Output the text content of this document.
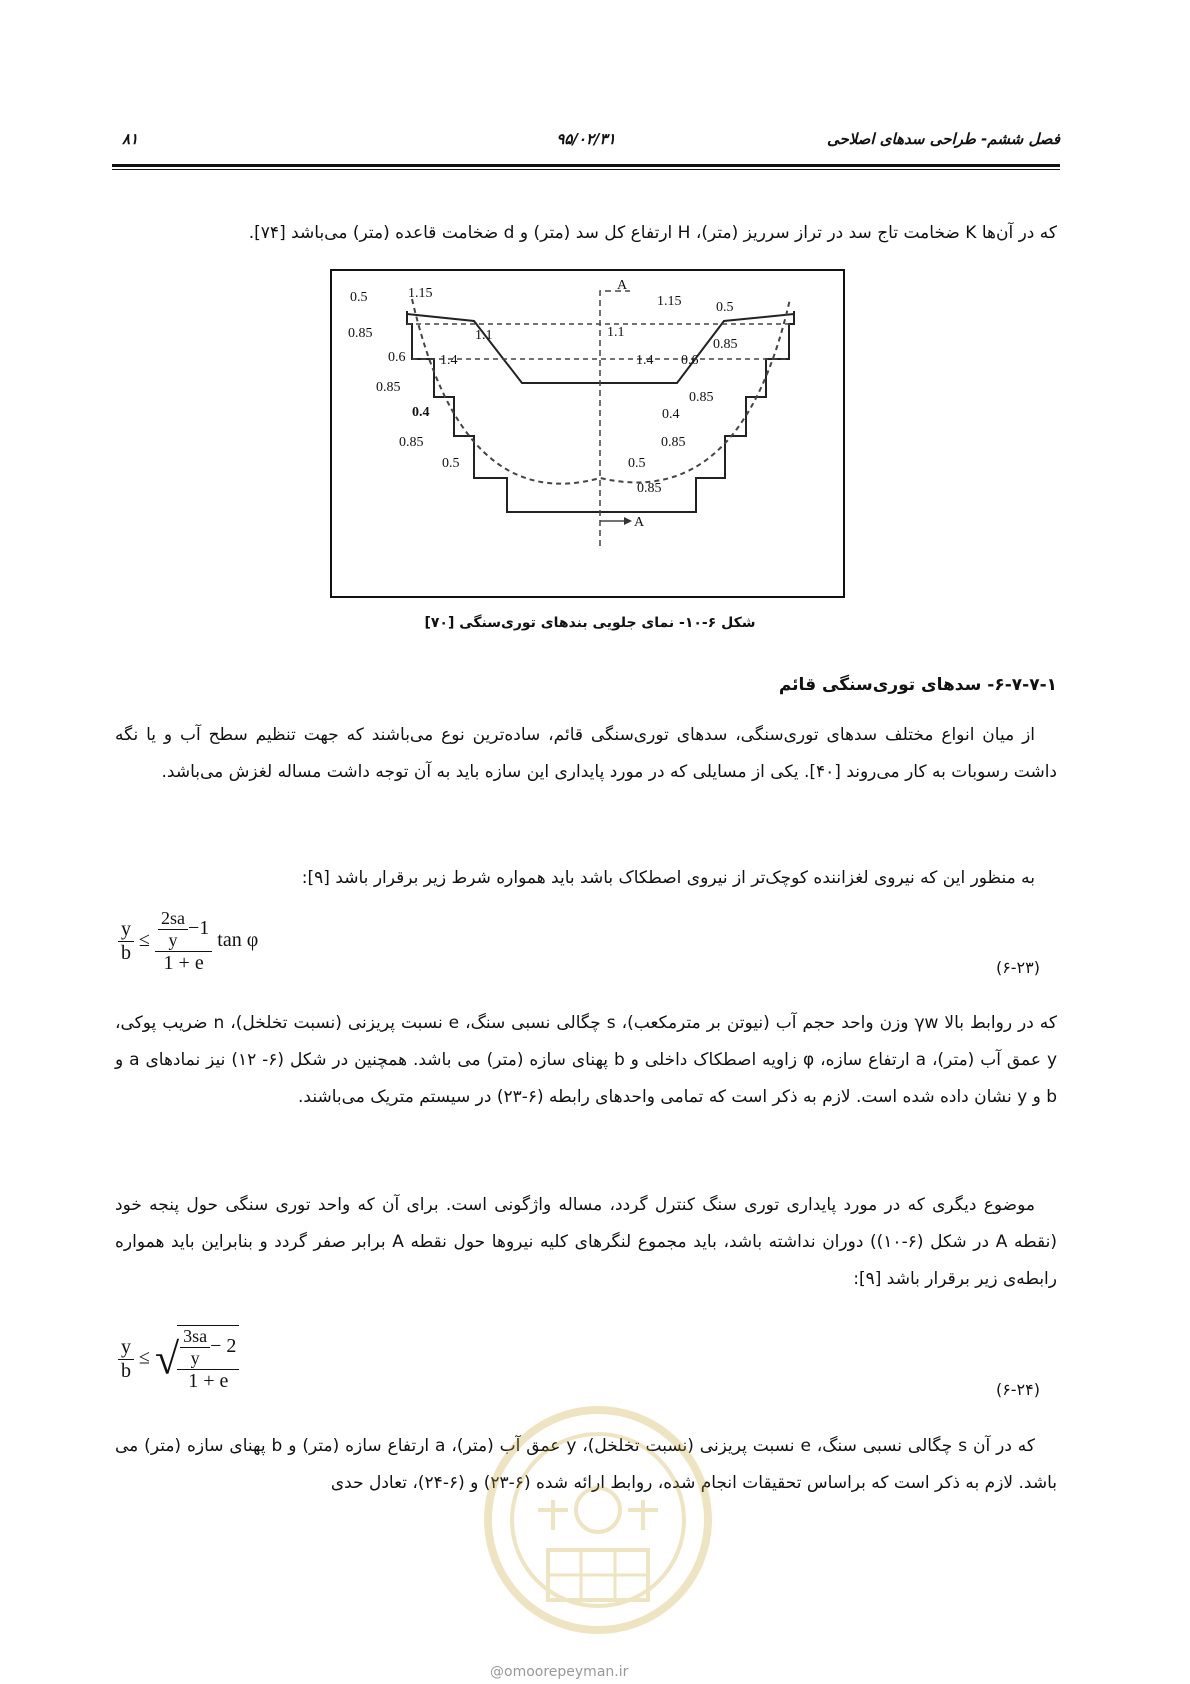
فصل ششم- طراحی سدهای اصلاحی
۹۵/۰۲/۳۱
۸۱
که در آن‌ها K ضخامت تاج سد در تراز سرریز (متر)، H ارتفاع کل سد (متر) و d ضخامت قاعده (متر) می‌باشد [۷۴].
0.5	1.15
0.85	1.1
0.6 1.4
0.85
0.4
0.85
0.5
1.15 0.5
1.1
0.85
1.4 0.6
0.85
0.4
0.85
0.5
0.85
A
A
شکل ۶-۱۰- نمای جلویی بندهای توری‌سنگی [۷۰]
۶-۷-۷-۱- سدهای توری‌سنگی قائم
از میان انواع مختلف سدهای توری‌سنگی، سدهای توری‌سنگی قائم، ساده‌ترین نوع می‌باشند که جهت تنظیم سطح آب و یا نگه داشت رسوبات به کار می‌روند [۴۰]. یکی از مسایلی که در مورد پایداری این سازه باید به آن توجه داشت مساله لغزش می‌باشد.
به منظور این که نیروی لغزاننده کوچک‌تر از نیروی اصطکاک باشد باید همواره شرط زیر برقرار باشد [۹]:
$\frac{y}{b} \le \frac{\frac{2sa}{y} -1}{1 + e}$ tan φ
(۶-۲۳)
که در روابط بالا γw وزن واحد حجم آب (نیوتن بر مترمکعب)، s چگالی نسبی سنگ، e نسبت پریزنی (نسبت تخلخل)، n ضریب پوکی، y عمق آب (متر)، a ارتفاع سازه، φ زاویه اصطکاک داخلی و b پهنای سازه (متر) می باشد. همچنین در شکل (۶- ۱۲) نیز نمادهای a و b و y نشان داده شده است. لازم به ذکر است که تمامی واحدهای رابطه (۶-۲۳) در سیستم متریک می‌باشند.
موضوع دیگری که در مورد پایداری توری سنگ کنترل گردد، مساله واژگونی است. برای آن که واحد توری سنگی حول پنجه خود (نقطه A در شکل (۶-۱۰)) دوران نداشته باشد، باید مجموع لنگرهای کلیه نیروها حول نقطه A برابر صفر گردد و بنابراین باید همواره رابطه‌ی زیر برقرار باشد [۹]:
$\frac{y}{b}$ ≤ √
$\frac{\frac{3sa}{y} - 2}{1 + e}$	(۶-۲۴)
که در آن s چگالی نسبی سنگ، e نسبت پریزنی (نسبت تخلخل)، y عمق آب (متر)، a ارتفاع سازه (متر) و b پهنای سازه (متر) می باشد. لازم به ذکر است که براساس تحقیقات انجام شده، روابط ارائه شده (۶-۲۳) و (۶-۲۴)، تعادل حدی
@omoorepeyman.ir
